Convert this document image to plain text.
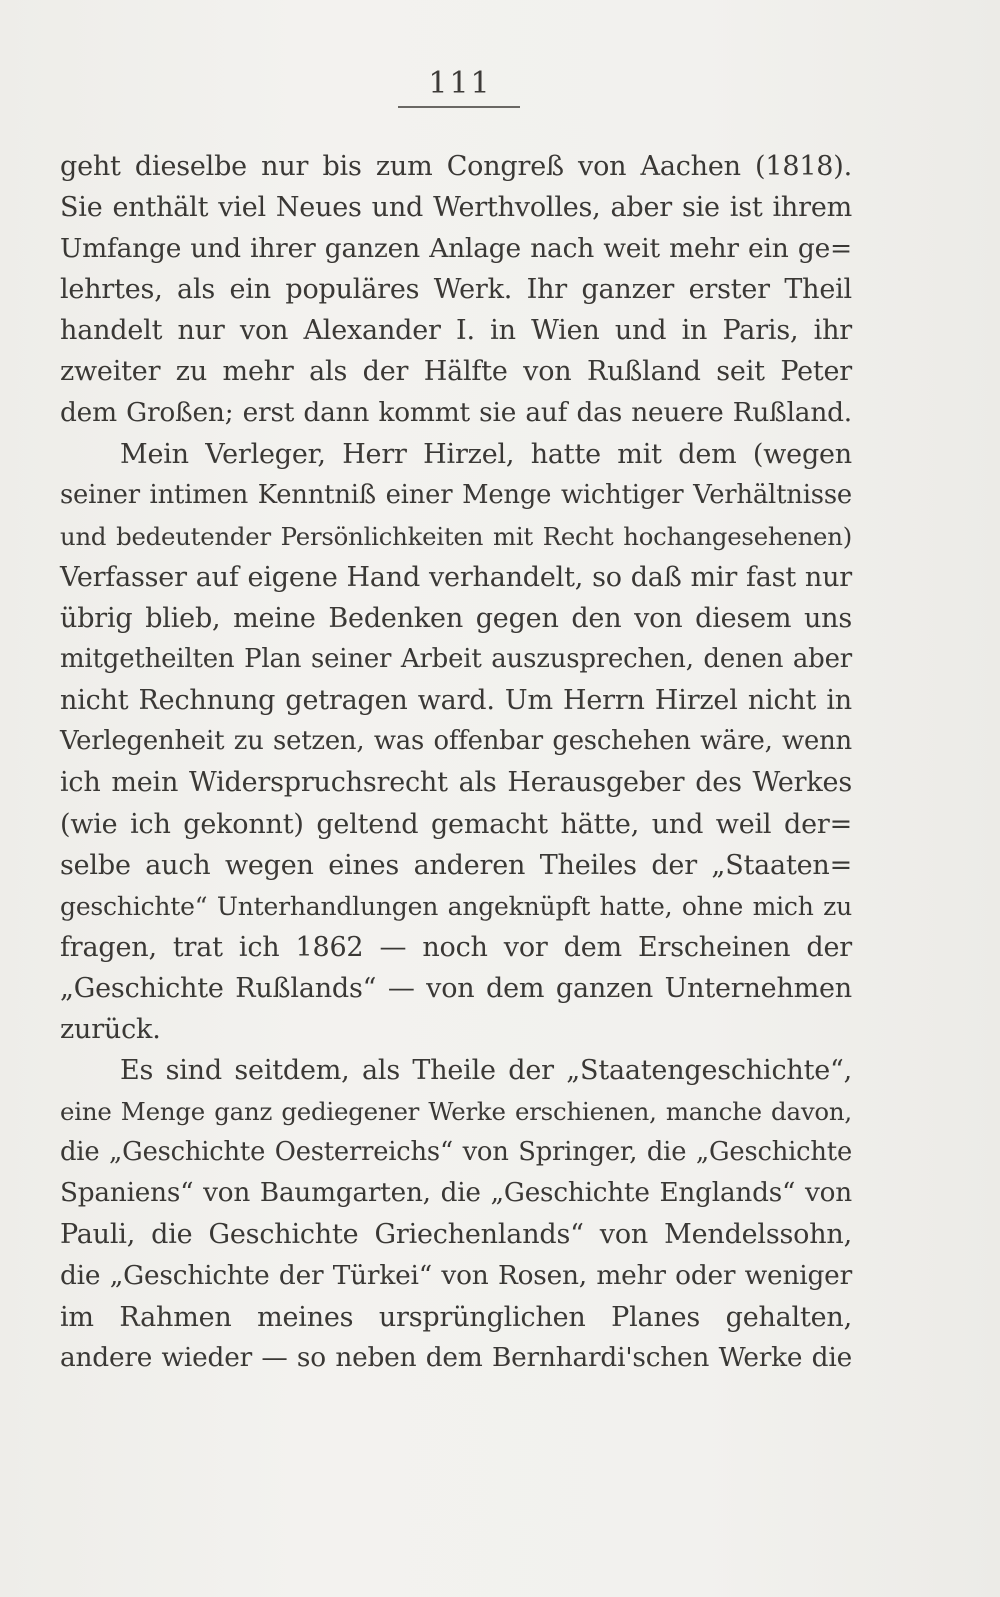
111
geht dieselbe nur bis zum Congreß von Aachen (1818).
Sie enthält viel Neues und Werthvolles, aber sie ist ihrem
Umfange und ihrer ganzen Anlage nach weit mehr ein ge=
lehrtes, als ein populäres Werk. Ihr ganzer erster Theil
handelt nur von Alexander I. in Wien und in Paris, ihr
zweiter zu mehr als der Hälfte von Rußland seit Peter
dem Großen; erst dann kommt sie auf das neuere Rußland.
Mein Verleger, Herr Hirzel, hatte mit dem (wegen
seiner intimen Kenntniß einer Menge wichtiger Verhältnisse
und bedeutender Persönlichkeiten mit Recht hochangesehenen)
Verfasser auf eigene Hand verhandelt, so daß mir fast nur
übrig blieb, meine Bedenken gegen den von diesem uns
mitgetheilten Plan seiner Arbeit auszusprechen, denen aber
nicht Rechnung getragen ward. Um Herrn Hirzel nicht in
Verlegenheit zu setzen, was offenbar geschehen wäre, wenn
ich mein Widerspruchsrecht als Herausgeber des Werkes
(wie ich gekonnt) geltend gemacht hätte, und weil der=
selbe auch wegen eines anderen Theiles der „Staaten=
geschichte“ Unterhandlungen angeknüpft hatte, ohne mich zu
fragen, trat ich 1862 — noch vor dem Erscheinen der
„Geschichte Rußlands“ — von dem ganzen Unternehmen
zurück.
Es sind seitdem, als Theile der „Staatengeschichte“,
eine Menge ganz gediegener Werke erschienen, manche davon,
die „Geschichte Oesterreichs“ von Springer, die „Geschichte
Spaniens“ von Baumgarten, die „Geschichte Englands“ von
Pauli, die Geschichte Griechenlands“ von Mendelssohn,
die „Geschichte der Türkei“ von Rosen, mehr oder weniger
im Rahmen meines ursprünglichen Planes gehalten,
andere wieder — so neben dem Bernhardi'schen Werke die
